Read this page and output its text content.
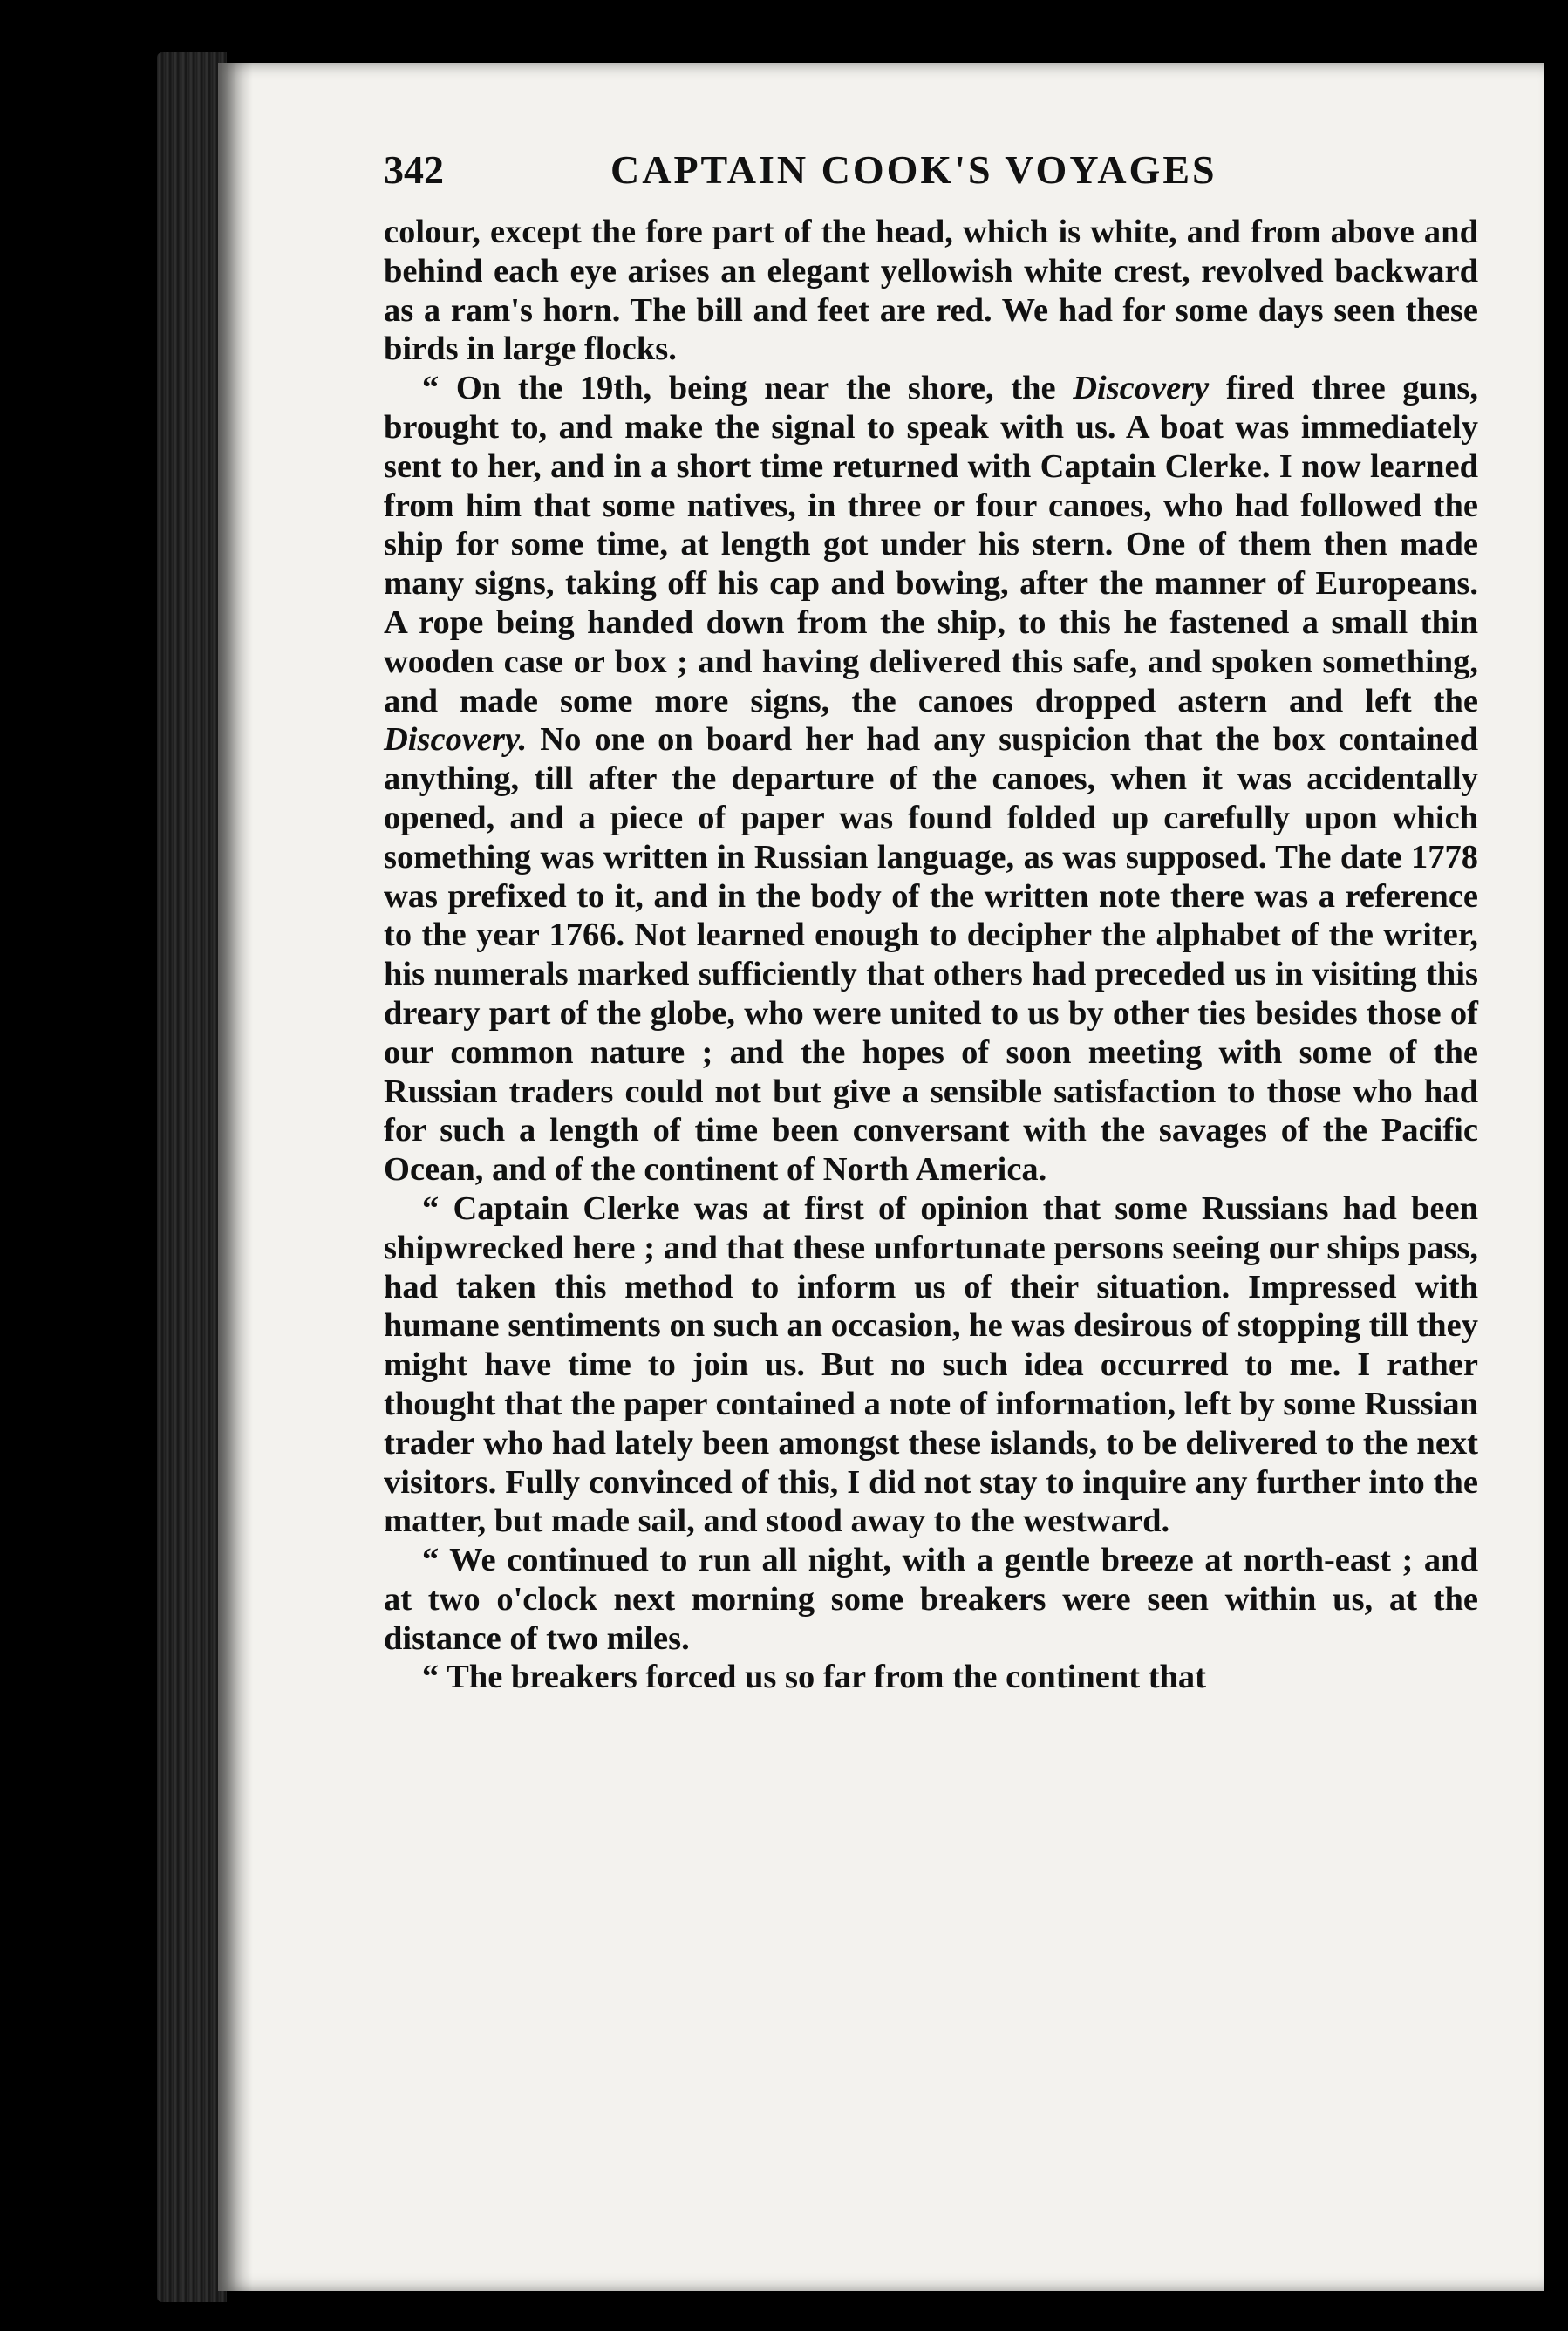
342	CAPTAIN COOK'S VOYAGES

colour, except the fore part of the head, which is white, and from above and behind each eye arises an elegant yellowish white crest, revolved backward as a ram's horn. The bill and feet are red. We had for some days seen these birds in large flocks.

“ On the 19th, being near the shore, the Discovery fired three guns, brought to, and make the signal to speak with us. A boat was immediately sent to her, and in a short time returned with Captain Clerke. I now learned from him that some natives, in three or four canoes, who had followed the ship for some time, at length got under his stern. One of them then made many signs, taking off his cap and bowing, after the manner of Europeans. A rope being handed down from the ship, to this he fastened a small thin wooden case or box ; and having delivered this safe, and spoken something, and made some more signs, the canoes dropped astern and left the Discovery. No one on board her had any suspicion that the box contained anything, till after the departure of the canoes, when it was accidentally opened, and a piece of paper was found folded up carefully upon which something was written in Russian language, as was supposed. The date 1778 was prefixed to it, and in the body of the written note there was a reference to the year 1766. Not learned enough to decipher the alphabet of the writer, his numerals marked sufficiently that others had preceded us in visiting this dreary part of the globe, who were united to us by other ties besides those of our common nature ; and the hopes of soon meeting with some of the Russian traders could not but give a sensible satisfaction to those who had for such a length of time been conversant with the savages of the Pacific Ocean, and of the continent of North America.

“ Captain Clerke was at first of opinion that some Russians had been shipwrecked here ; and that these unfortunate persons seeing our ships pass, had taken this method to inform us of their situation. Impressed with humane sentiments on such an occasion, he was desirous of stopping till they might have time to join us. But no such idea occurred to me. I rather thought that the paper contained a note of information, left by some Russian trader who had lately been amongst these islands, to be delivered to the next visitors. Fully convinced of this, I did not stay to inquire any further into the matter, but made sail, and stood away to the westward.

“ We continued to run all night, with a gentle breeze at north-east ; and at two o'clock next morning some breakers were seen within us, at the distance of two miles.

“ The breakers forced us so far from the continent that
